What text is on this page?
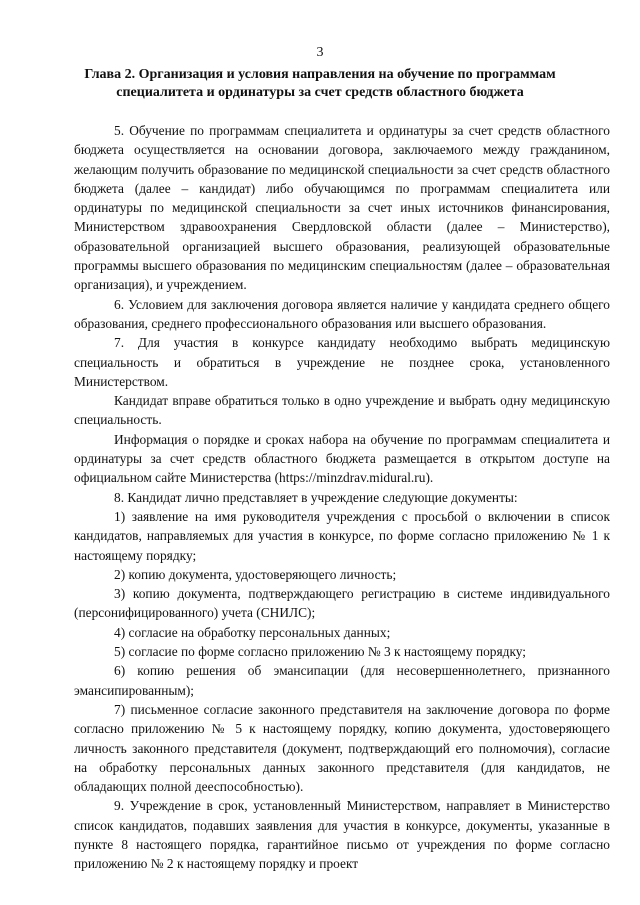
3
Глава 2. Организация и условия направления на обучение по программам
специалитета и ординатуры за счет средств областного бюджета

5. Обучение по программам специалитета и ординатуры за счет средств областного бюджета осуществляется на основании договора, заключаемого между гражданином, желающим получить образование по медицинской специальности за счет средств областного бюджета (далее – кандидат) либо обучающимся по программам специалитета или ординатуры по медицинской специальности за счет иных источников финансирования, Министерством здравоохранения Свердловской области (далее – Министерство), образовательной организацией высшего образования, реализующей образовательные программы высшего образования по медицинским специальностям (далее – образовательная организация), и учреждением.

6. Условием для заключения договора является наличие у кандидата среднего общего образования, среднего профессионального образования или высшего образования.

7. Для участия в конкурсе кандидату необходимо выбрать медицинскую специальность и обратиться в учреждение не позднее срока, установленного Министерством.

Кандидат вправе обратиться только в одно учреждение и выбрать одну медицинскую специальность.

Информация о порядке и сроках набора на обучение по программам специалитета и ординатуры за счет средств областного бюджета размещается в открытом доступе на официальном сайте Министерства (https://minzdrav.midural.ru).

8. Кандидат лично представляет в учреждение следующие документы:

1) заявление на имя руководителя учреждения с просьбой о включении в список кандидатов, направляемых для участия в конкурсе, по форме согласно приложению № 1 к настоящему порядку;

2) копию документа, удостоверяющего личность;

3) копию документа, подтверждающего регистрацию в системе индивидуального (персонифицированного) учета (СНИЛС);

4) согласие на обработку персональных данных;

5) согласие по форме согласно приложению № 3 к настоящему порядку;

6) копию решения об эмансипации (для несовершеннолетнего, признанного эмансипированным);

7) письменное согласие законного представителя на заключение договора по форме согласно приложению № 5 к настоящему порядку, копию документа, удостоверяющего личность законного представителя (документ, подтверждающий его полномочия), согласие на обработку персональных данных законного представителя (для кандидатов, не обладающих полной дееспособностью).

9. Учреждение в срок, установленный Министерством, направляет в Министерство список кандидатов, подавших заявления для участия в конкурсе, документы, указанные в пункте 8 настоящего порядка, гарантийное письмо от учреждения по форме согласно приложению № 2 к настоящему порядку и проект
